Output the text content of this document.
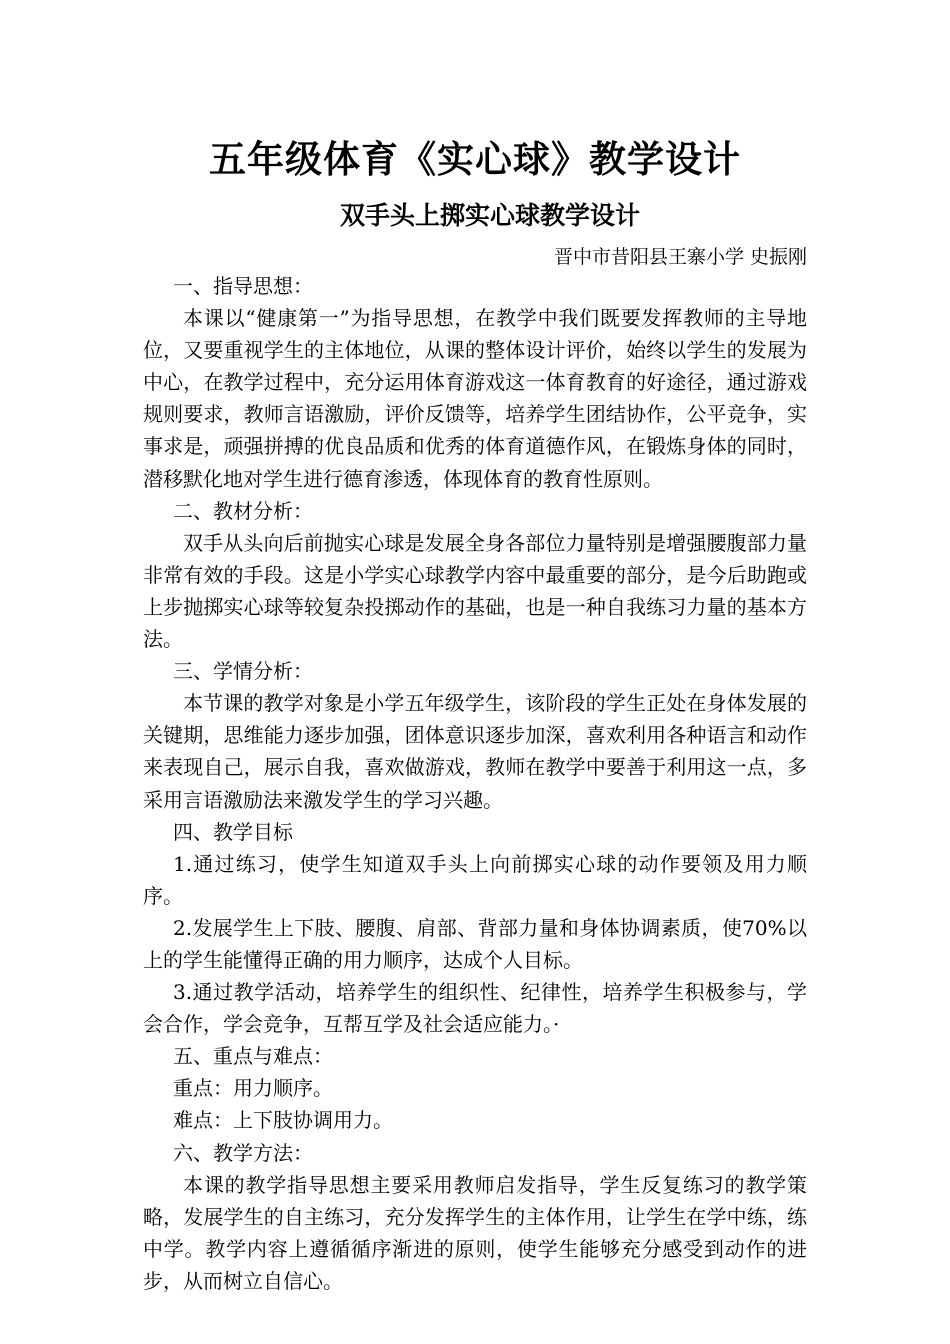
五年级体育《实心球》教学设计
双手头上掷实心球教学设计
晋中市昔阳县王寨小学 史振刚

一、指导思想：

本课以“健康第一”为指导思想，在教学中我们既要发挥教师的主导地位，又要重视学生的主体地位，从课的整体设计评价，始终以学生的发展为中心，在教学过程中，充分运用体育游戏这一体育教育的好途径，通过游戏规则要求，教师言语激励，评价反馈等，培养学生团结协作，公平竞争，实事求是，顽强拼搏的优良品质和优秀的体育道德作风，在锻炼身体的同时，潜移默化地对学生进行德育渗透，体现体育的教育性原则。

二、教材分析：

双手从头向后前抛实心球是发展全身各部位力量特别是增强腰腹部力量非常有效的手段。这是小学实心球教学内容中最重要的部分，是今后助跑或上步抛掷实心球等较复杂投掷动作的基础，也是一种自我练习力量的基本方法。

三、学情分析：

本节课的教学对象是小学五年级学生，该阶段的学生正处在身体发展的关键期，思维能力逐步加强，团体意识逐步加深，喜欢利用各种语言和动作来表现自己，展示自我，喜欢做游戏，教师在教学中要善于利用这一点，多采用言语激励法来激发学生的学习兴趣。

四、教学目标

1.通过练习，使学生知道双手头上向前掷实心球的动作要领及用力顺序。

2.发展学生上下肢、腰腹、肩部、背部力量和身体协调素质，使70%以上的学生能懂得正确的用力顺序，达成个人目标。

3.通过教学活动，培养学生的组织性、纪律性，培养学生积极参与，学会合作，学会竞争，互帮互学及社会适应能力。·

五、重点与难点：

重点：用力顺序。

难点：上下肢协调用力。

六、教学方法：

本课的教学指导思想主要采用教师启发指导，学生反复练习的教学策略，发展学生的自主练习，充分发挥学生的主体作用，让学生在学中练，练中学。教学内容上遵循循序渐进的原则，使学生能够充分感受到动作的进步，从而树立自信心。
